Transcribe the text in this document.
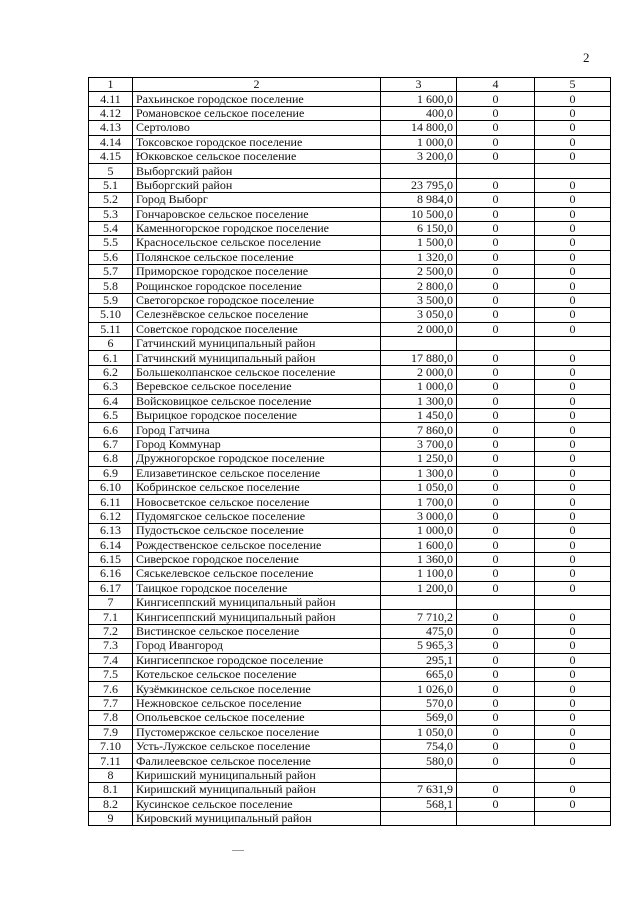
2
1	2	3	4	5
4.11	Рахьинское городское поселение	1 600,0	0	0
4.12	Романовское сельское поселение	400,0	0	0
4.13	Сертолово	14 800,0	0	0
4.14	Токсовское городское поселение	1 000,0	0	0
4.15	Юкковское сельское поселение	3 200,0	0	0
5	Выборгский район			
5.1	Выборгский район	23 795,0	0	0
5.2	Город Выборг	8 984,0	0	0
5.3	Гончаровское сельское поселение	10 500,0	0	0
5.4	Каменногорское городское поселение	6 150,0	0	0
5.5	Красносельское сельское поселение	1 500,0	0	0
5.6	Полянское сельское поселение	1 320,0	0	0
5.7	Приморское городское поселение	2 500,0	0	0
5.8	Рощинское городское поселение	2 800,0	0	0
5.9	Светогорское городское поселение	3 500,0	0	0
5.10	Селезнёвское сельское поселение	3 050,0	0	0
5.11	Советское городское поселение	2 000,0	0	0
6	Гатчинский муниципальный район			
6.1	Гатчинский муниципальный район	17 880,0	0	0
6.2	Большеколпанское сельское поселение	2 000,0	0	0
6.3	Веревское сельское поселение	1 000,0	0	0
6.4	Войсковицкое сельское поселение	1 300,0	0	0
6.5	Вырицкое городское поселение	1 450,0	0	0
6.6	Город Гатчина	7 860,0	0	0
6.7	Город Коммунар	3 700,0	0	0
6.8	Дружногорское городское поселение	1 250,0	0	0
6.9	Елизаветинское сельское поселение	1 300,0	0	0
6.10	Кобринское сельское поселение	1 050,0	0	0
6.11	Новосветское сельское поселение	1 700,0	0	0
6.12	Пудомягское сельское поселение	3 000,0	0	0
6.13	Пудостьское сельское поселение	1 000,0	0	0
6.14	Рождественское сельское поселение	1 600,0	0	0
6.15	Сиверское городское поселение	1 360,0	0	0
6.16	Сяськелевское сельское поселение	1 100,0	0	0
6.17	Таицкое городское поселение	1 200,0	0	0
7	Кингисеппский муниципальный район			
7.1	Кингисеппский муниципальный район	7 710,2	0	0
7.2	Вистинское сельское поселение	475,0	0	0
7.3	Город Ивангород	5 965,3	0	0
7.4	Кингисеппское городское поселение	295,1	0	0
7.5	Котельское сельское поселение	665,0	0	0
7.6	Кузёмкинское сельское поселение	1 026,0	0	0
7.7	Нежновское сельское поселение	570,0	0	0
7.8	Опольевское сельское поселение	569,0	0	0
7.9	Пустомержское сельское поселение	1 050,0	0	0
7.10	Усть-Лужское сельское поселение	754,0	0	0
7.11	Фалилеевское сельское поселение	580,0	0	0
8	Киришский муниципальный район			
8.1	Киришский муниципальный район	7 631,9	0	0
8.2	Кусинское сельское поселение	568,1	0	0
9	Кировский муниципальный район			
